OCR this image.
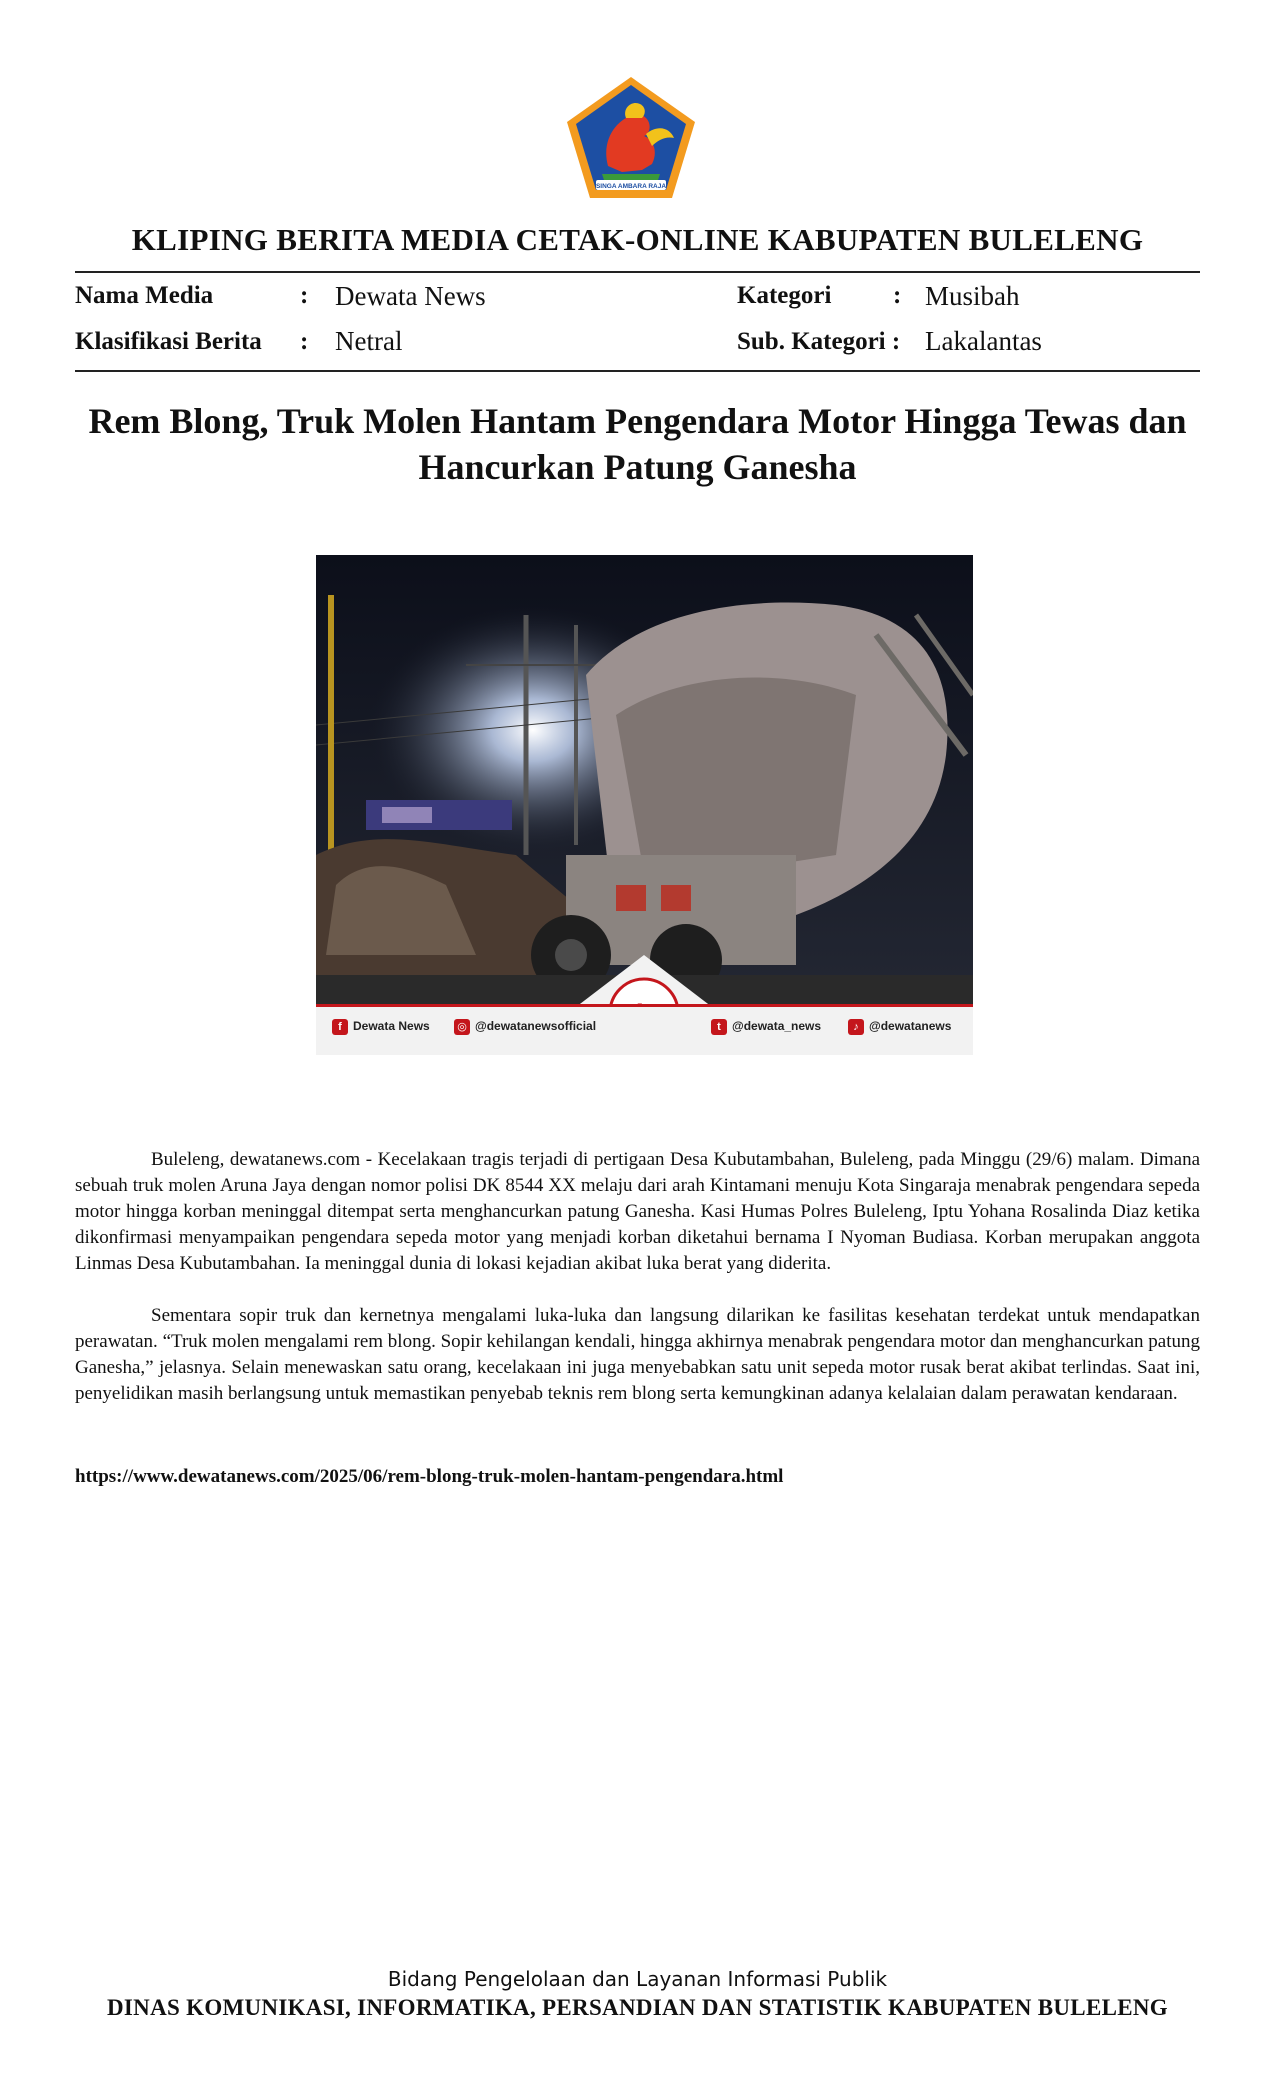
SINGA AMBARA RAJA
KLIPING BERITA MEDIA CETAK-ONLINE KABUPATEN BULELENG
Nama Media	: Dewata News	Kategori : Musibah
Klasifikasi Berita : Netral	Sub. Kategori : Lakalantas
Rem Blong, Truk Molen Hantam Pengendara Motor Hingga Tewas dan Hancurkan Patung Ganesha
f Dewata News ◎ @dewatanewsofficial	t @dewata_news	♪ @dewatanews

Buleleng, dewatanews.com - Kecelakaan tragis terjadi di pertigaan Desa Kubutambahan, Buleleng, pada Minggu (29/6) malam. Dimana sebuah truk molen Aruna Jaya dengan nomor polisi DK 8544 XX melaju dari arah Kintamani menuju Kota Singaraja menabrak pengendara sepeda motor hingga korban meninggal ditempat serta menghancurkan patung Ganesha. Kasi Humas Polres Buleleng, Iptu Yohana Rosalinda Diaz ketika dikonfirmasi menyampaikan pengendara sepeda motor yang menjadi korban diketahui bernama I Nyoman Budiasa. Korban merupakan anggota Linmas Desa Kubutambahan. Ia meninggal dunia di lokasi kejadian akibat luka berat yang diderita.

Sementara sopir truk dan kernetnya mengalami luka-luka dan langsung dilarikan ke fasilitas kesehatan terdekat untuk mendapatkan perawatan. “Truk molen mengalami rem blong. Sopir kehilangan kendali, hingga akhirnya menabrak pengendara motor dan menghancurkan patung Ganesha,” jelasnya. Selain menewaskan satu orang, kecelakaan ini juga menyebabkan satu unit sepeda motor rusak berat akibat terlindas. Saat ini, penyelidikan masih berlangsung untuk memastikan penyebab teknis rem blong serta kemungkinan adanya kelalaian dalam perawatan kendaraan.

https://www.dewatanews.com/2025/06/rem-blong-truk-molen-hantam-pengendara.html
Bidang Pengelolaan dan Layanan Informasi Publik
DINAS KOMUNIKASI, INFORMATIKA, PERSANDIAN DAN STATISTIK KABUPATEN BULELENG
